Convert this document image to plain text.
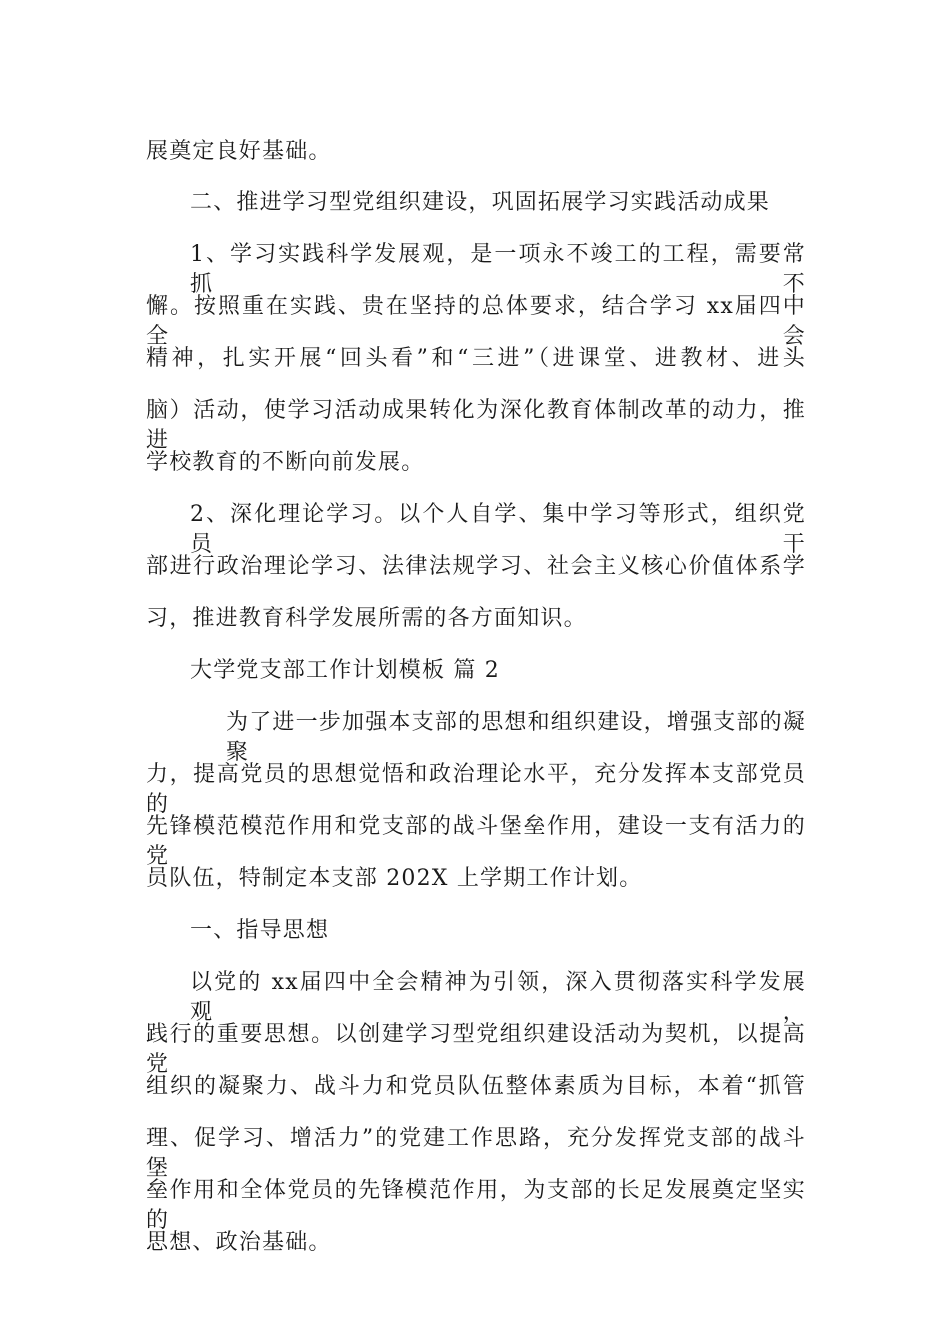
展奠定良好基础。
二、推进学习型党组织建设，巩固拓展学习实践活动成果
1、学习实践科学发展观，是一项永不竣工的工程，需要常抓不
懈。按照重在实践、贵在坚持的总体要求，结合学习 xx届四中全会
精神，扎实开展“回头看”和“三进”（进课堂、进教材、进头
脑）活动，使学习活动成果转化为深化教育体制改革的动力，推进
学校教育的不断向前发展。
2、深化理论学习。以个人自学、集中学习等形式，组织党员干
部进行政治理论学习、法律法规学习、社会主义核心价值体系学
习，推进教育科学发展所需的各方面知识。
大学党支部工作计划模板 篇 2
为了进一步加强本支部的思想和组织建设，增强支部的凝聚
力，提高党员的思想觉悟和政治理论水平，充分发挥本支部党员的
先锋模范模范作用和党支部的战斗堡垒作用，建设一支有活力的党
员队伍，特制定本支部 202X 上学期工作计划。
一、指导思想
以党的 xx届四中全会精神为引领，深入贯彻落实科学发展观，
践行的重要思想。以创建学习型党组织建设活动为契机，以提高党
组织的凝聚力、战斗力和党员队伍整体素质为目标，本着“抓管
理、促学习、增活力”的党建工作思路，充分发挥党支部的战斗堡
垒作用和全体党员的先锋模范作用，为支部的长足发展奠定坚实的
思想、政治基础。
